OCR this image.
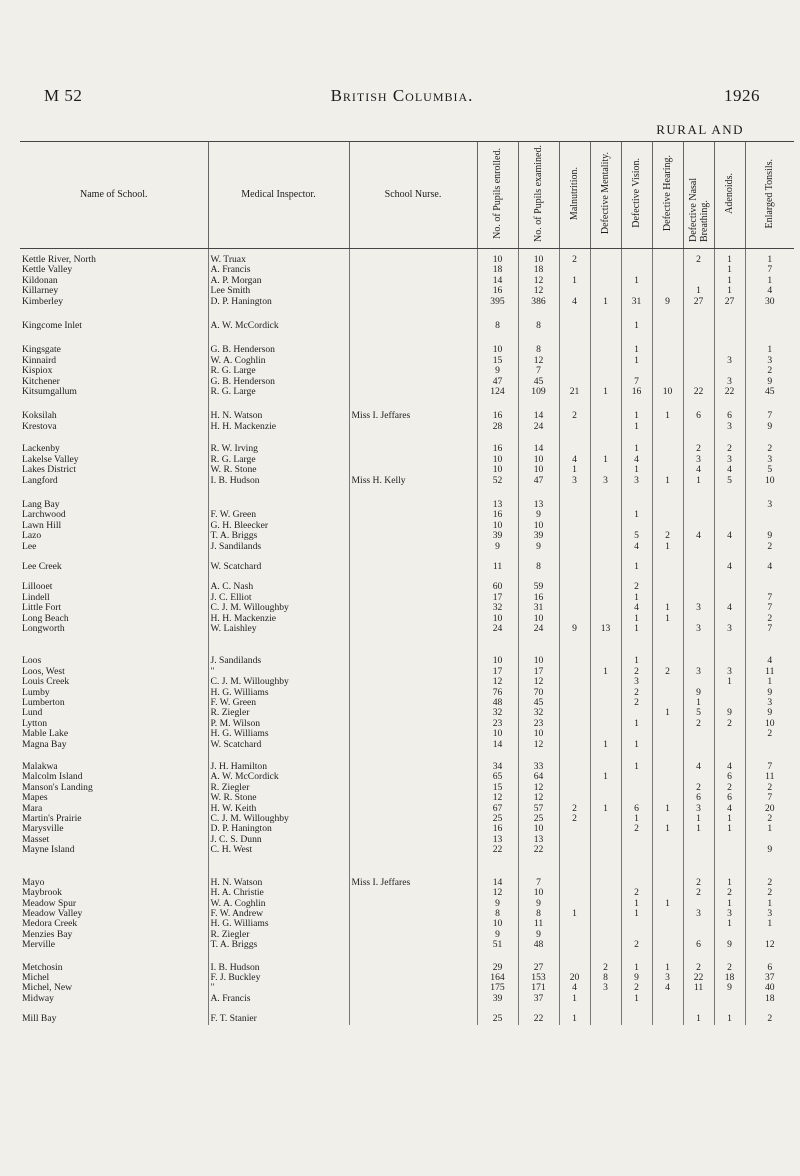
M 52	British Columbia.	1926
RURAL AND
Name of School.	Medical Inspector.	School Nurse.	No. of Pupils enrolled.	No. of Pupils examined.	Malnutrition.	Defective Mentality.	Defective Vision.	Defective Hearing.	Defective Nasal Breathing.	Adenoids.	Enlarged Tonsils.
Kettle River, North	W. Truax		10	10	2				2	1	1
Kettle Valley	A. Francis		18	18						1	7
Kildonan	A. P. Morgan		14	12	1		1			1	1
Killarney	Lee Smith		16	12					1	1	4
Kimberley	D. P. Hanington		395	386	4	1	31	9	27	27	30

Kingcome Inlet	A. W. McCordick		8	8			1				

Kingsgate	G. B. Henderson		10	8			1				1
Kinnaird	W. A. Coghlin		15	12			1			3	3
Kispiox	R. G. Large		9	7							2
Kitchener	G. B. Henderson		47	45			7			3	9
Kitsumgallum	R. G. Large		124	109	21	1	16	10	22	22	45

Koksilah	H. N. Watson	Miss I. Jeffares	16	14	2		1	1	6	6	7
Krestova	H. H. Mackenzie		28	24			1			3	9

Lackenby	R. W. Irving		16	14			1		2	2	2
Lakelse Valley	R. G. Large		10	10	4	1	4		3	3	3
Lakes District	W. R. Stone		10	10	1		1		4	4	5
Langford	I. B. Hudson	Miss H. Kelly	52	47	3	3	3	1	1	5	10

Lang Bay			13	13							3
Larchwood	F. W. Green		16	9			1				
Lawn Hill	G. H. Bleecker		10	10							
Lazo	T. A. Briggs		39	39			5	2	4	4	9
Lee	J. Sandilands		9	9			4	1			2

Lee Creek	W. Scatchard		11	8			1			4	4

Lillooet	A. C. Nash		60	59			2				
Lindell	J. C. Elliot		17	16			1				7
Little Fort	C. J. M. Willoughby		32	31			4	1	3	4	7
Long Beach	H. H. Mackenzie		10	10			1	1			2
Longworth	W. Laishley		24	24	9	13	1		3	3	7

Loos	J. Sandilands		10	10			1				4
Loos, West	"		17	17		1	2	2	3	3	11
Louis Creek	C. J. M. Willoughby		12	12			3			1	1
Lumby	H. G. Williams		76	70			2		9		9
Lumberton	F. W. Green		48	45			2		1		3
Lund	R. Ziegler		32	32				1	5	9	9
Lytton	P. M. Wilson		23	23			1		2	2	10
Mable Lake	H. G. Williams		10	10							2
Magna Bay	W. Scatchard		14	12		1	1				

Malakwa	J. H. Hamilton		34	33			1		4	4	7
Malcolm Island	A. W. McCordick		65	64		1				6	11
Manson's Landing	R. Ziegler		15	12					2	2	2
Mapes	W. R. Stone		12	12					6	6	7
Mara	H. W. Keith		67	57	2	1	6	1	3	4	20
Martin's Prairie	C. J. M. Willoughby		25	25	2		1		1	1	2
Marysville	D. P. Hanington		16	10			2	1	1	1	1
Masset	J. C. S. Dunn		13	13							
Mayne Island	C. H. West		22	22							9

Mayo	H. N. Watson	Miss I. Jeffares	14	7					2	1	2
Maybrook	H. A. Christie		12	10			2		2	2	2
Meadow Spur	W. A. Coghlin		9	9			1	1		1	1
Meadow Valley	F. W. Andrew		8	8	1		1		3	3	3
Medora Creek	H. G. Williams		10	11						1	1
Menzies Bay	R. Ziegler		9	9							
Merville	T. A. Briggs		51	48			2		6	9	12

Metchosin	I. B. Hudson		29	27		2	1	1	2	2	6
Michel	F. J. Buckley		164	153	20	8	9	3	22	18	37
Michel, New	"		175	171	4	3	2	4	11	9	40
Midway	A. Francis		39	37	1		1				18

Mill Bay	F. T. Stanier		25	22	1				1	1	2
